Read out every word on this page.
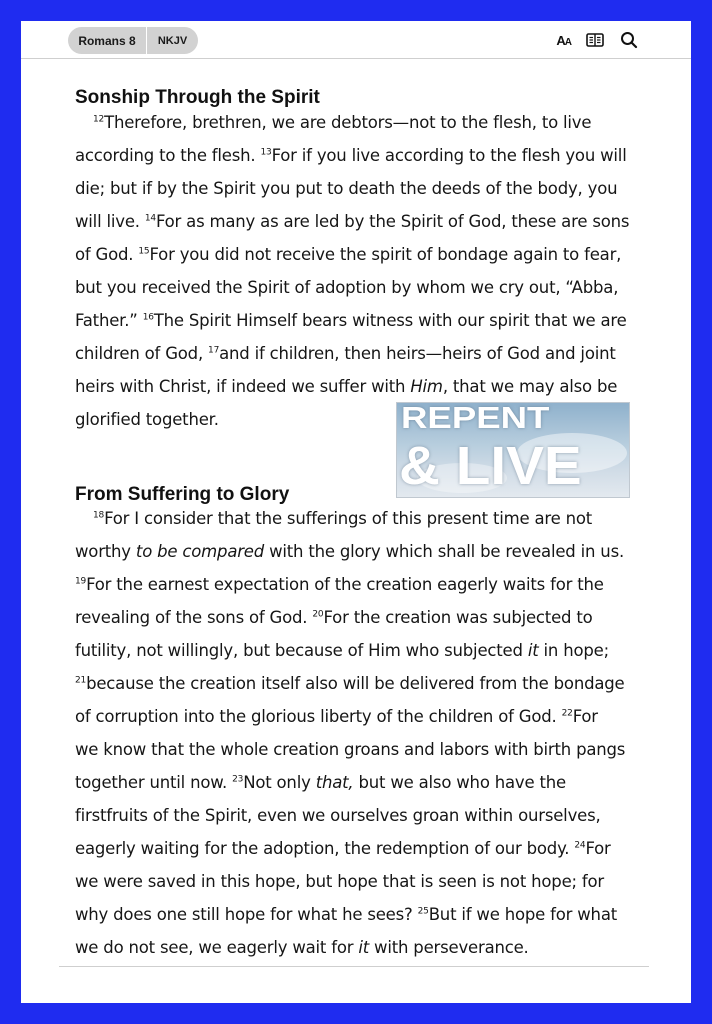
Romans 8	NKJV	AA
Sonship Through the Spirit
$^{12}$Therefore, brethren, we are debtors—not to the flesh, to live
according to the flesh. $^{13}$For if you live according to the flesh you will
die; but if by the Spirit you put to death the deeds of the body, you
will live. $^{14}$For as many as are led by the Spirit of God, these are sons
of God. $^{15}$For you did not receive the spirit of bondage again to fear,
but you received the Spirit of adoption by whom we cry out, “Abba,
Father.” $^{16}$The Spirit Himself bears witness with our spirit that we are
children of God, $^{17}$and if children, then heirs—heirs of God and joint
heirs with Christ, if indeed we suffer with Him, that we may also be
glorified together.
From Suffering to Glory
$^{18}$For I consider that the sufferings of this present time are not
worthy to be compared with the glory which shall be revealed in us.
$^{19}$For the earnest expectation of the creation eagerly waits for the
revealing of the sons of God. $^{20}$For the creation was subjected to
futility, not willingly, but because of Him who subjected it in hope;
$^{21}$because the creation itself also will be delivered from the bondage
of corruption into the glorious liberty of the children of God. $^{22}$For
we know that the whole creation groans and labors with birth pangs
together until now. $^{23}$Not only that, but we also who have the
firstfruits of the Spirit, even we ourselves groan within ourselves,
eagerly waiting for the adoption, the redemption of our body. $^{24}$For
we were saved in this hope, but hope that is seen is not hope; for
why does one still hope for what he sees? $^{25}$But if we hope for what
we do not see, we eagerly wait for it with perseverance.
REPENT
& LIVE
